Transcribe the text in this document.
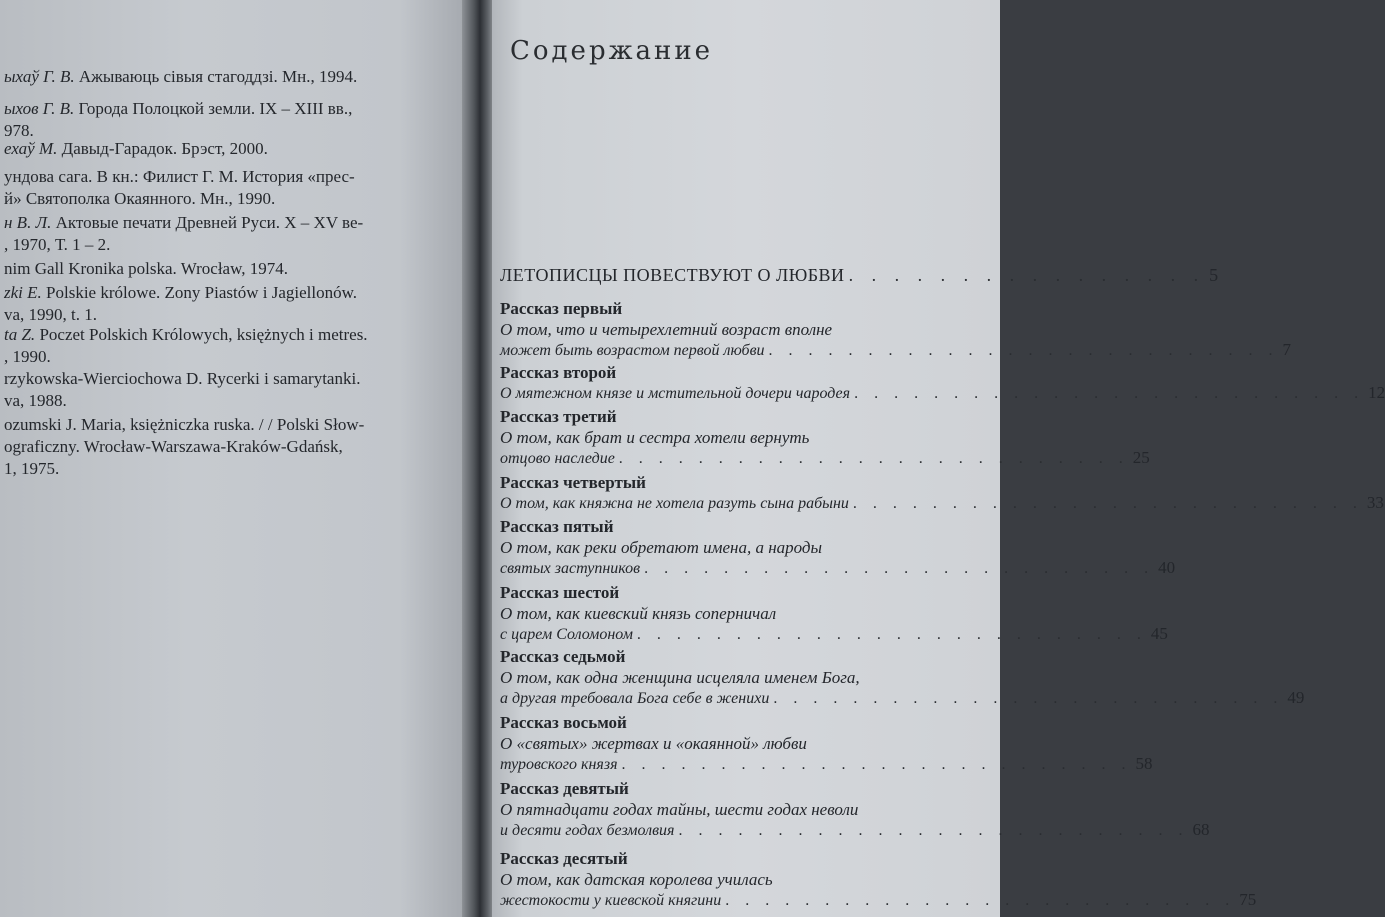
ыхаў Г. В. Ажываюць сівыя стагоддзі. Мн., 1994.
ыхов Г. В. Города Полоцкой земли. IX – XIII вв.,
978.
ехаў М. Давыд-Гарадок. Брэст, 2000.
ундова сага. В кн.: Филист Г. М. История «прес-
й» Святополка Окаянного. Мн., 1990.
н В. Л. Актовые печати Древней Руси. X – XV ве-
, 1970, Т. 1 – 2.
nim Gall Kronika polska. Wrocław, 1974.
zki E. Polskie królowe. Zony Piastów i Jagiellonów.
va, 1990, t. 1.
ta Z. Poczet Polskich Królowych, księżnych i metres.
, 1990.
rzykowska-Wierciochowa D. Rycerki i samarytanki.
va, 1988.
ozumski J. Maria, księżniczka ruska. / / Polski Słow-
ograficzny. Wrocław-Warszawa-Kraków-Gdańsk,
1, 1975.
Содержание
ЛЕТОПИСЦЫ ПОВЕСТВУЮТ О ЛЮБВИ . . . . . . . . . . . . . . . . 5
Рассказ первый
О том, что и четырехлетний возраст вполне
может быть возрастом первой любви . . . . . . . . . . . . . . . . . . . . . . . . . . 7
Рассказ второй
О мятежном князе и мстительной дочери чародея . . . . . . . . . . . . . . . . . . . . . . . . . . 12
Рассказ третий
О том, как брат и сестра хотели вернуть
отцово наследие . . . . . . . . . . . . . . . . . . . . . . . . . . 25
Рассказ четвертый
О том, как княжна не хотела разуть сына рабыни . . . . . . . . . . . . . . . . . . . . . . . . . . 33
Рассказ пятый
О том, как реки обретают имена, а народы
святых заступников . . . . . . . . . . . . . . . . . . . . . . . . . . 40
Рассказ шестой
О том, как киевский князь соперничал
с царем Соломоном . . . . . . . . . . . . . . . . . . . . . . . . . . 45
Рассказ седьмой
О том, как одна женщина исцеляла именем Бога,
а другая требовала Бога себе в женихи . . . . . . . . . . . . . . . . . . . . . . . . . . 49
Рассказ восьмой
О «святых» жертвах и «окаянной» любви
туровского князя . . . . . . . . . . . . . . . . . . . . . . . . . . 58
Рассказ девятый
О пятнадцати годах тайны, шести годах неволи
и десяти годах безмолвия . . . . . . . . . . . . . . . . . . . . . . . . . . 68
Рассказ десятый
О том, как датская королева училась
жестокости у киевской княгини . . . . . . . . . . . . . . . . . . . . . . . . . . 75
